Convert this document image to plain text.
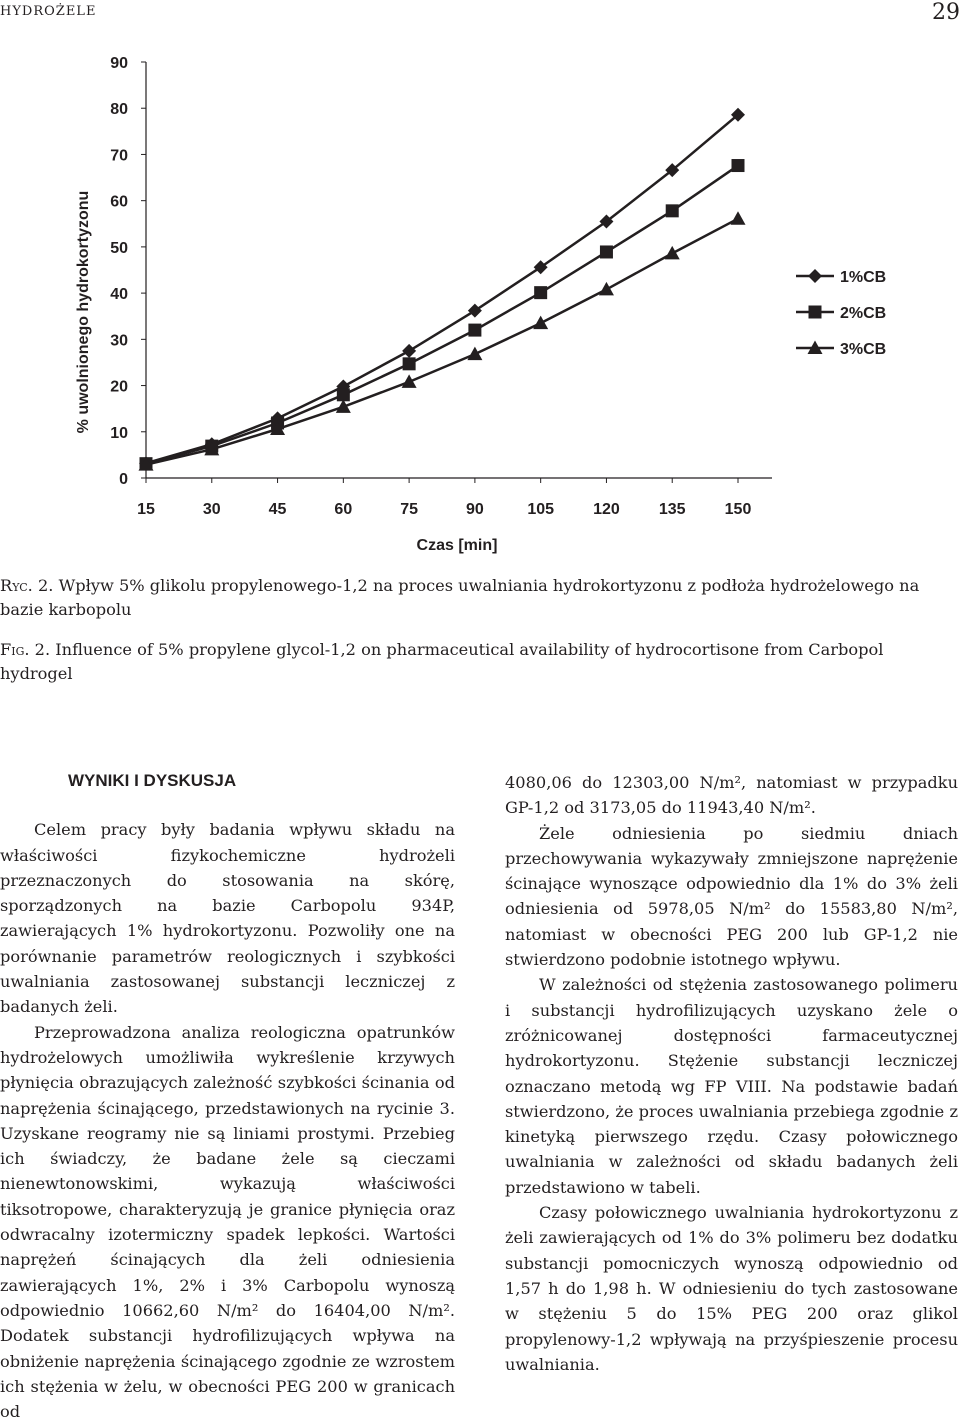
HYDROŻELE	29
0
10
20
30
40
50
60
70
80
90
15	30	45	60	75	90	105 120 135 150
1%CB
2%CB
3%CB
Czas [min]
% uwolnionego hydrokortyzonu
Ryc. 2. Wpływ 5% glikolu propylenowego-1,2 na proces uwalniania hydrokortyzonu z podłoża hydrożelowego na bazie karbopolu
Fig. 2. Influence of 5% propylene glycol-1,2 on pharmaceutical availability of hydrocortisone from Carbopol hydrogel

WYNIKI I DYSKUSJA

Celem pracy były badania wpływu składu na właściwości fizykochemiczne hydrożeli przeznaczonych do stosowania na skórę, sporządzonych na bazie Carbopolu 934P, zawierających 1% hydrokortyzonu. Pozwoliły one na porównanie parametrów reologicznych i szybkości uwalniania zastosowanej substancji leczniczej z badanych żeli.

Przeprowadzona analiza reologiczna opatrunków hydrożelowych umożliwiła wykreślenie krzywych płynięcia obrazujących zależność szybkości ścinania od naprężenia ścinającego, przedstawionych na rycinie 3. Uzyskane reogramy nie są liniami prostymi. Przebieg ich świadczy, że badane żele są cieczami nienewtonowskimi, wykazują właściwości tiksotropowe, charakteryzują je granice płynięcia oraz odwracalny izotermiczny spadek lepkości. Wartości naprężeń ścinających dla żeli odniesienia zawierających 1%, 2% i 3% Carbopolu wynoszą odpowiednio 10662,60 N/m² do 16404,00 N/m². Dodatek substancji hydrofilizujących wpływa na obniżenie naprężenia ścinającego zgodnie ze wzrostem ich stężenia w żelu, w obecności PEG 200 w granicach od

4080,06 do 12303,00 N/m², natomiast w przypadku GP-1,2 od 3173,05 do 11943,40 N/m².

Żele odniesienia po siedmiu dniach przechowywania wykazywały zmniejszone naprężenie ścinające wynoszące odpowiednio dla 1% do 3% żeli odniesienia od 5978,05 N/m² do 15583,80 N/m², natomiast w obecności PEG 200 lub GP-1,2 nie stwierdzono podobnie istotnego wpływu.

W zależności od stężenia zastosowanego polimeru i substancji hydrofilizujących uzyskano żele o zróżnicowanej dostępności farmaceutycznej hydrokortyzonu. Stężenie substancji leczniczej oznaczano metodą wg FP VIII. Na podstawie badań stwierdzono, że proces uwalniania przebiega zgodnie z kinetyką pierwszego rzędu. Czasy połowicznego uwalniania w zależności od składu badanych żeli przedstawiono w tabeli.

Czasy połowicznego uwalniania hydrokortyzonu z żeli zawierających od 1% do 3% polimeru bez dodatku substancji pomocniczych wynoszą odpowiednio od 1,57 h do 1,98 h. W odniesieniu do tych zastosowane w stężeniu 5 do 15% PEG 200 oraz glikol propylenowy-1,2 wpływają na przyśpieszenie procesu uwalniania.
